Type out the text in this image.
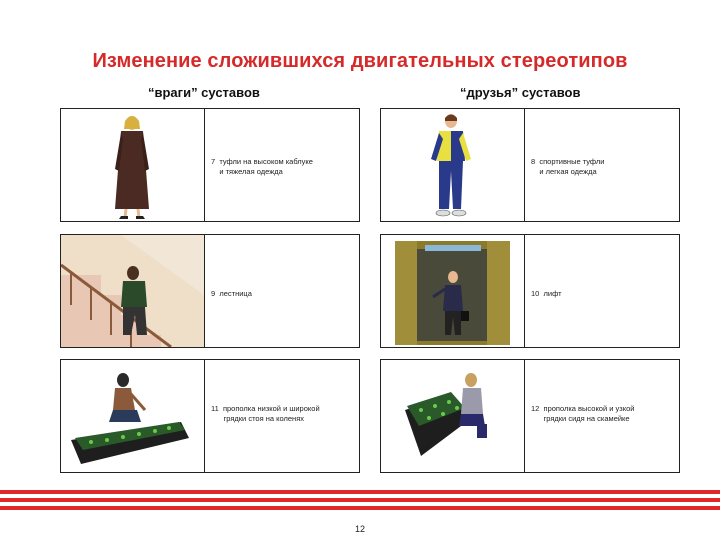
Изменение сложившихся двигательных стереотипов
“враги” суставов	“друзья” суставов
7  туфли на высоком каблуке
и тяжелая одежда
8  спортивные туфли
и легкая одежда
9  лестница	10  лифт
11  прополка низкой и широкой
грядки стоя на коленях
12  прополка высокой и узкой
грядки сидя на скамейке
12
